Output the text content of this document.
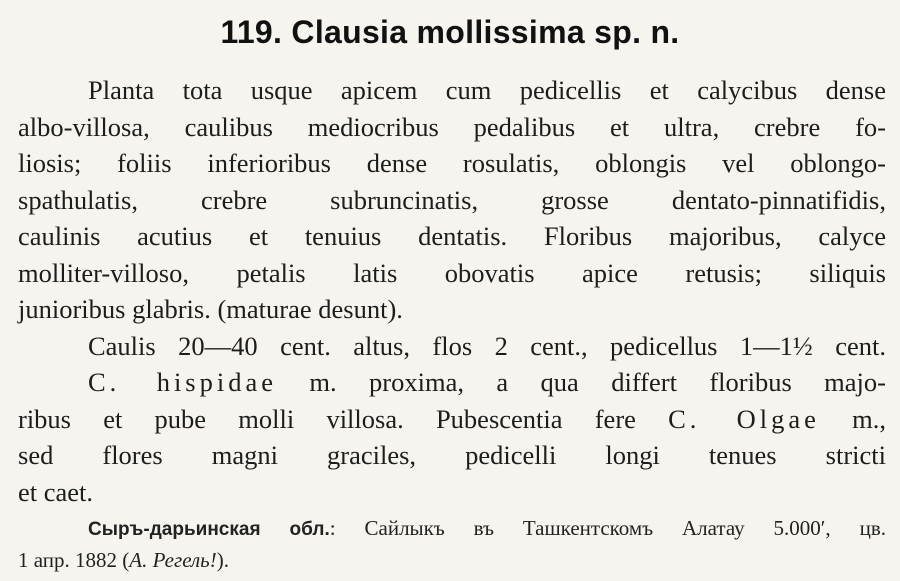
119. Clausia mollissima sp. n.
Planta tota usque apicem cum pedicellis et calycibus dense
albo-villosa, caulibus mediocribus pedalibus et ultra, crebre fo-
liosis; foliis inferioribus dense rosulatis, oblongis vel oblongo-
spathulatis, crebre subruncinatis, grosse dentato-pinnatifidis,
caulinis acutius et tenuius dentatis. Floribus majoribus, calyce
molliter-villoso, petalis latis obovatis apice retusis; siliquis
junioribus glabris. (maturae desunt).
Caulis 20—40 cent. altus, flos 2 cent., pedicellus 1—1½ cent.
C. hispidae m. proxima, a qua differt floribus majo-
ribus et pube molli villosa. Pubescentia fere C. Olgae m.,
sed flores magni graciles, pedicelli longi tenues stricti
et caet.
Сыръ-дарьинская обл.: Сайлыкъ въ Ташкентскомъ Алатау 5.000′, цв.
1 апр. 1882 (А. Регель!).
